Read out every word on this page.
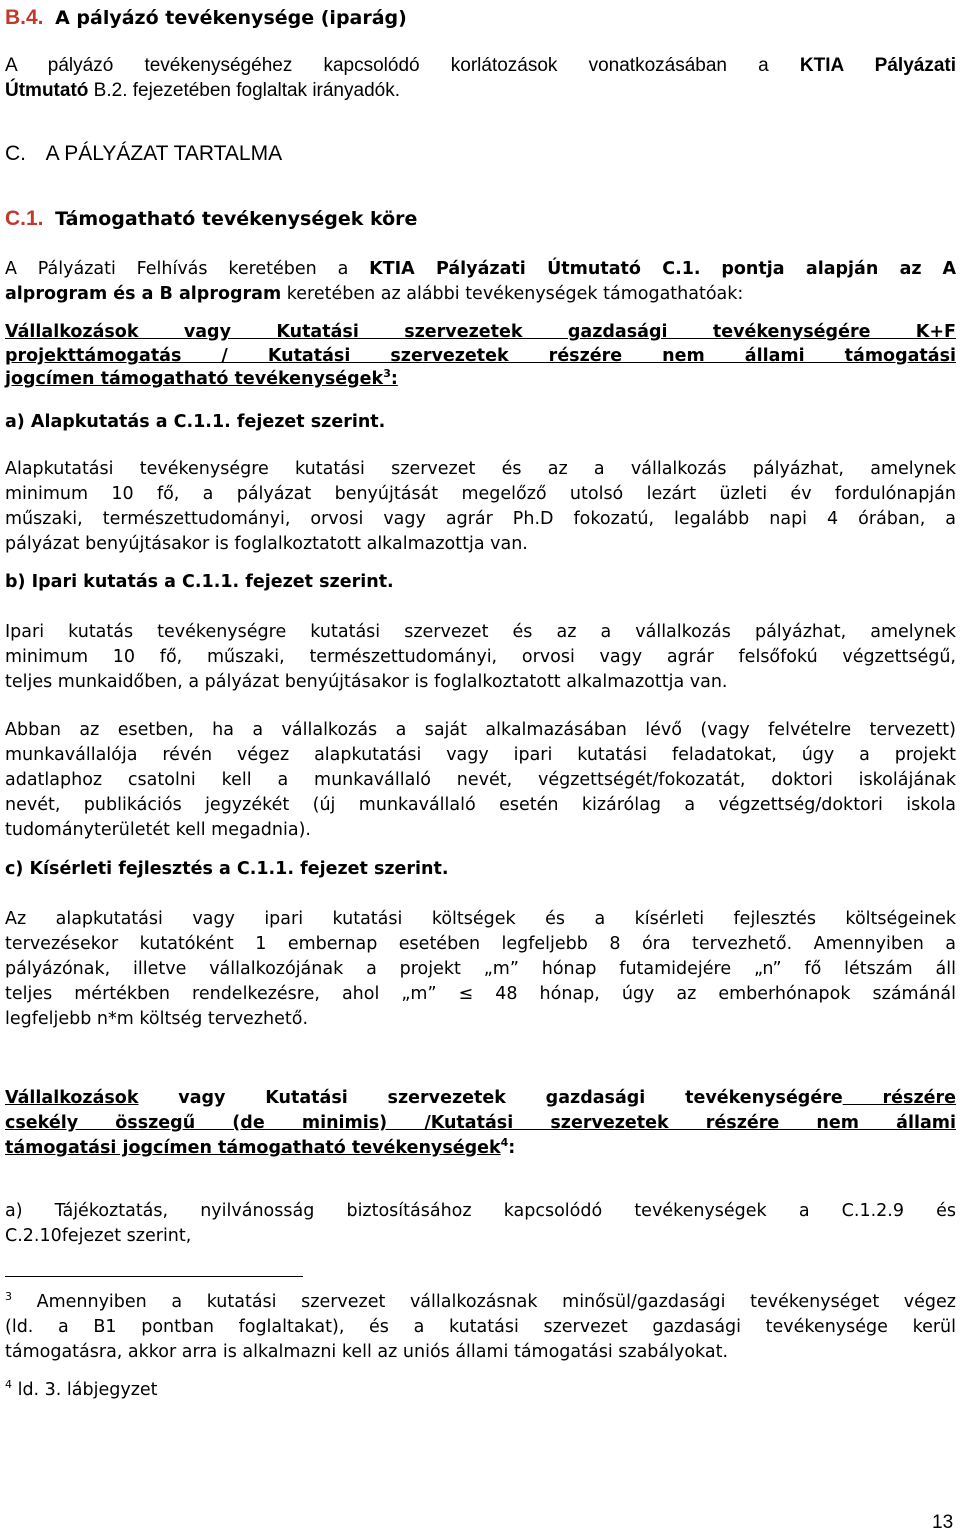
B.4. A pályázó tevékenysége (iparág)
A pályázó tevékenységéhez kapcsolódó korlátozások vonatkozásában a KTIA Pályázati
Útmutató B.2. fejezetében foglaltak irányadók.
C. A PÁLYÁZAT TARTALMA
C.1. Támogatható tevékenységek köre
A Pályázati Felhívás keretében a KTIA Pályázati Útmutató C.1. pontja alapján az A
alprogram és a B alprogram keretében az alábbi tevékenységek támogathatóak:
Vállalkozások vagy Kutatási szervezetek gazdasági tevékenységére K+F
projekttámogatás / Kutatási szervezetek részére nem állami támogatási
jogcímen támogatható tevékenységek$^3$:
a) Alapkutatás a C.1.1. fejezet szerint.
Alapkutatási tevékenységre kutatási szervezet és az a vállalkozás pályázhat, amelynek
minimum 10 fő, a pályázat benyújtását megelőző utolsó lezárt üzleti év fordulónapján
műszaki, természettudományi, orvosi vagy agrár Ph.D fokozatú, legalább napi 4 órában, a
pályázat benyújtásakor is foglalkoztatott alkalmazottja van.
b) Ipari kutatás a C.1.1. fejezet szerint.
Ipari kutatás tevékenységre kutatási szervezet és az a vállalkozás pályázhat, amelynek
minimum 10 fő, műszaki, természettudományi, orvosi vagy agrár felsőfokú végzettségű,
teljes munkaidőben, a pályázat benyújtásakor is foglalkoztatott alkalmazottja van.
Abban az esetben, ha a vállalkozás a saját alkalmazásában lévő (vagy felvételre tervezett)
munkavállalója révén végez alapkutatási vagy ipari kutatási feladatokat, úgy a projekt
adatlaphoz csatolni kell a munkavállaló nevét, végzettségét/fokozatát, doktori iskolájának
nevét, publikációs jegyzékét (új munkavállaló esetén kizárólag a végzettség/doktori iskola
tudományterületét kell megadnia).
c) Kísérleti fejlesztés a C.1.1. fejezet szerint.
Az alapkutatási vagy ipari kutatási költségek és a kísérleti fejlesztés költségeinek
tervezésekor kutatóként 1 embernap esetében legfeljebb 8 óra tervezhető. Amennyiben a
pályázónak, illetve vállalkozójának a projekt „m” hónap futamidejére „n” fő létszám áll
teljes mértékben rendelkezésre, ahol „m” ≤ 48 hónap, úgy az emberhónapok számánál
legfeljebb n*m költség tervezhető.
Vállalkozások vagy Kutatási szervezetek gazdasági tevékenységére részére
csekély összegű (de minimis) /Kutatási szervezetek részére nem állami
támogatási jogcímen támogatható tevékenységek$^4$:
a) Tájékoztatás, nyilvánosság biztosításához kapcsolódó tevékenységek a C.1.2.9 és
C.2.10fejezet szerint,
$^3$ Amennyiben a kutatási szervezet vállalkozásnak minősül/gazdasági tevékenységet végez
(ld. a B1 pontban foglaltakat), és a kutatási szervezet gazdasági tevékenysége kerül
támogatásra, akkor arra is alkalmazni kell az uniós állami támogatási szabályokat.
$^4$ ld. 3. lábjegyzet
13
